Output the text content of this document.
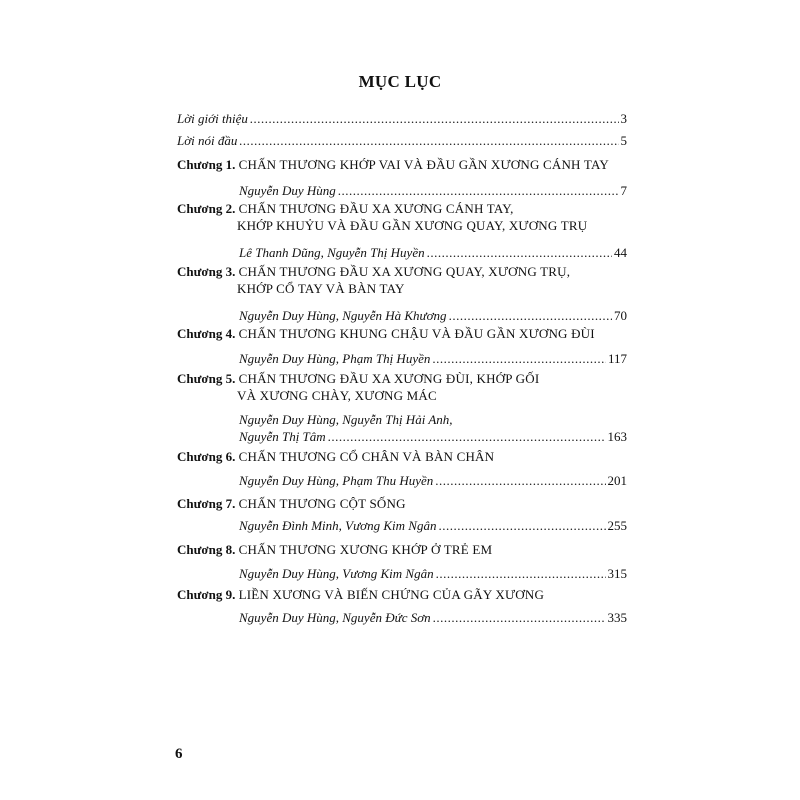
MỤC LỤC
Lời giới thiệu .....	3
Lời nói đầu .....	5
Chương 1. CHẤN THƯƠNG KHỚP VAI VÀ ĐẦU GẦN XƯƠNG CÁNH TAY
Nguyễn Duy Hùng .....	7
Chương 2. CHẤN THƯƠNG ĐẦU XA XƯƠNG CÁNH TAY,
KHỚP KHUỶU VÀ ĐẦU GẦN XƯƠNG QUAY, XƯƠNG TRỤ
Lê Thanh Dũng, Nguyễn Thị Huyền .....	44
Chương 3. CHẤN THƯƠNG ĐẦU XA XƯƠNG QUAY, XƯƠNG TRỤ,
KHỚP CỔ TAY VÀ BÀN TAY
Nguyễn Duy Hùng, Nguyễn Hà Khương .....	70
Chương 4. CHẤN THƯƠNG KHUNG CHẬU VÀ ĐẦU GẦN XƯƠNG ĐÙI
Nguyễn Duy Hùng, Phạm Thị Huyền .....	117
Chương 5. CHẤN THƯƠNG ĐẦU XA XƯƠNG ĐÙI, KHỚP GỐI
VÀ XƯƠNG CHÀY, XƯƠNG MÁC
Nguyễn Duy Hùng, Nguyễn Thị Hải Anh,
Nguyễn Thị Tâm .....	163
Chương 6. CHẤN THƯƠNG CỔ CHÂN VÀ BÀN CHÂN
Nguyễn Duy Hùng, Phạm Thu Huyền .....	201
Chương 7. CHẤN THƯƠNG CỘT SỐNG
Nguyễn Đình Minh, Vương Kim Ngân .....	255
Chương 8. CHẤN THƯƠNG XƯƠNG KHỚP Ở TRẺ EM
Nguyễn Duy Hùng, Vương Kim Ngân .....	315
Chương 9. LIỀN XƯƠNG VÀ BIẾN CHỨNG CỦA GÃY XƯƠNG
Nguyễn Duy Hùng, Nguyễn Đức Sơn .....	335
6
